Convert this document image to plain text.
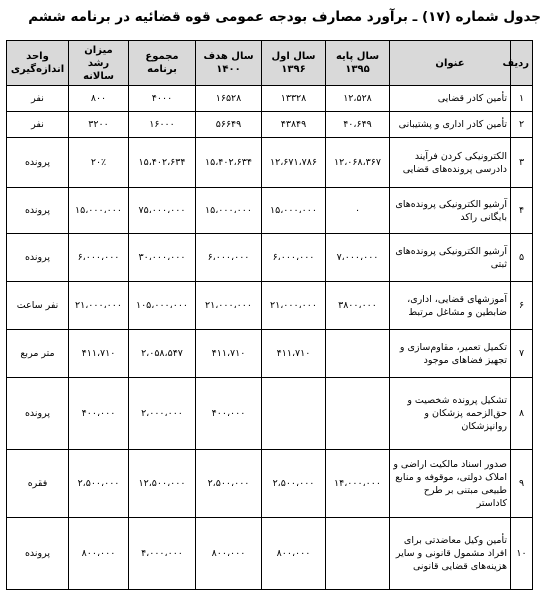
جدول شماره (۱۷) ـ برآورد مصارف بودجه عمومی قوه قضائیه در برنامه ششم
ردیف	عنوان	سال پایه ۱۳۹۵	سال اول ۱۳۹۶	سال هدف ۱۴۰۰	مجموع برنامه	میزان رشد سالانه	واحد اندازه‌گیری
۱	تأمین کادر قضایی	۱۲،۵۲۸	۱۳۳۲۸	۱۶۵۲۸	۴۰۰۰	۸۰۰	نفر
۲	تأمین کادر اداری و پشتیبانی	۴۰،۶۴۹	۴۳۸۴۹	۵۶۶۴۹	۱۶۰۰۰	۳۲۰۰	نفر
۳	الکترونیکی کردن فرآیند دادرسی پرونده‌های قضایی	۱۲،۰۶۸،۳۶۷	۱۲،۶۷۱،۷۸۶	۱۵،۴۰۲،۶۳۴	۱۵،۴۰۲،۶۳۴	۲۰٪	پرونده
۴	آرشیو الکترونیکی پرونده‌های بایگانی راکد	۰	۱۵،۰۰۰،۰۰۰	۱۵،۰۰۰،۰۰۰	۷۵،۰۰۰،۰۰۰	۱۵،۰۰۰،۰۰۰	پرونده
۵	آرشیو الکترونیکی پرونده‌های ثبتی	۷،۰۰۰،۰۰۰	۶،۰۰۰،۰۰۰	۶،۰۰۰،۰۰۰	۳۰،۰۰۰،۰۰۰	۶،۰۰۰،۰۰۰	پرونده
۶	آموزشهای قضایی، اداری، ضابطین و مشاغل مرتبط	۳۸۰۰،۰۰۰	۲۱،۰۰۰،۰۰۰	۲۱،۰۰۰،۰۰۰	۱۰۵،۰۰۰،۰۰۰	۲۱،۰۰۰،۰۰۰	نفر ساعت
۷	تکمیل تعمیر، مقاوم‌سازی و تجهیز فضاهای موجود		۴۱۱،۷۱۰	۴۱۱،۷۱۰	۲،۰۵۸،۵۴۷	۴۱۱،۷۱۰	متر مربع
۸	تشکیل پرونده شخصیت و حق‌الزحمه پزشکان و روانپزشکان			۴۰۰،۰۰۰	۲،۰۰۰،۰۰۰	۴۰۰،۰۰۰	پرونده
۹	صدور اسناد مالکیت اراضی و املاک دولتی، موقوفه و منابع طبیعی مبتنی بر طرح کاداستر	۱۴،۰۰۰،۰۰۰	۲،۵۰۰،۰۰۰	۲،۵۰۰،۰۰۰	۱۲،۵۰۰،۰۰۰	۲،۵۰۰،۰۰۰	فقره
۱۰	تأمین وکیل معاضدتی برای افراد مشمول قانونی و سایر هزینه‌های قضایی قانونی		۸۰۰،۰۰۰	۸۰۰،۰۰۰	۴،۰۰۰،۰۰۰	۸۰۰،۰۰۰	پرونده
